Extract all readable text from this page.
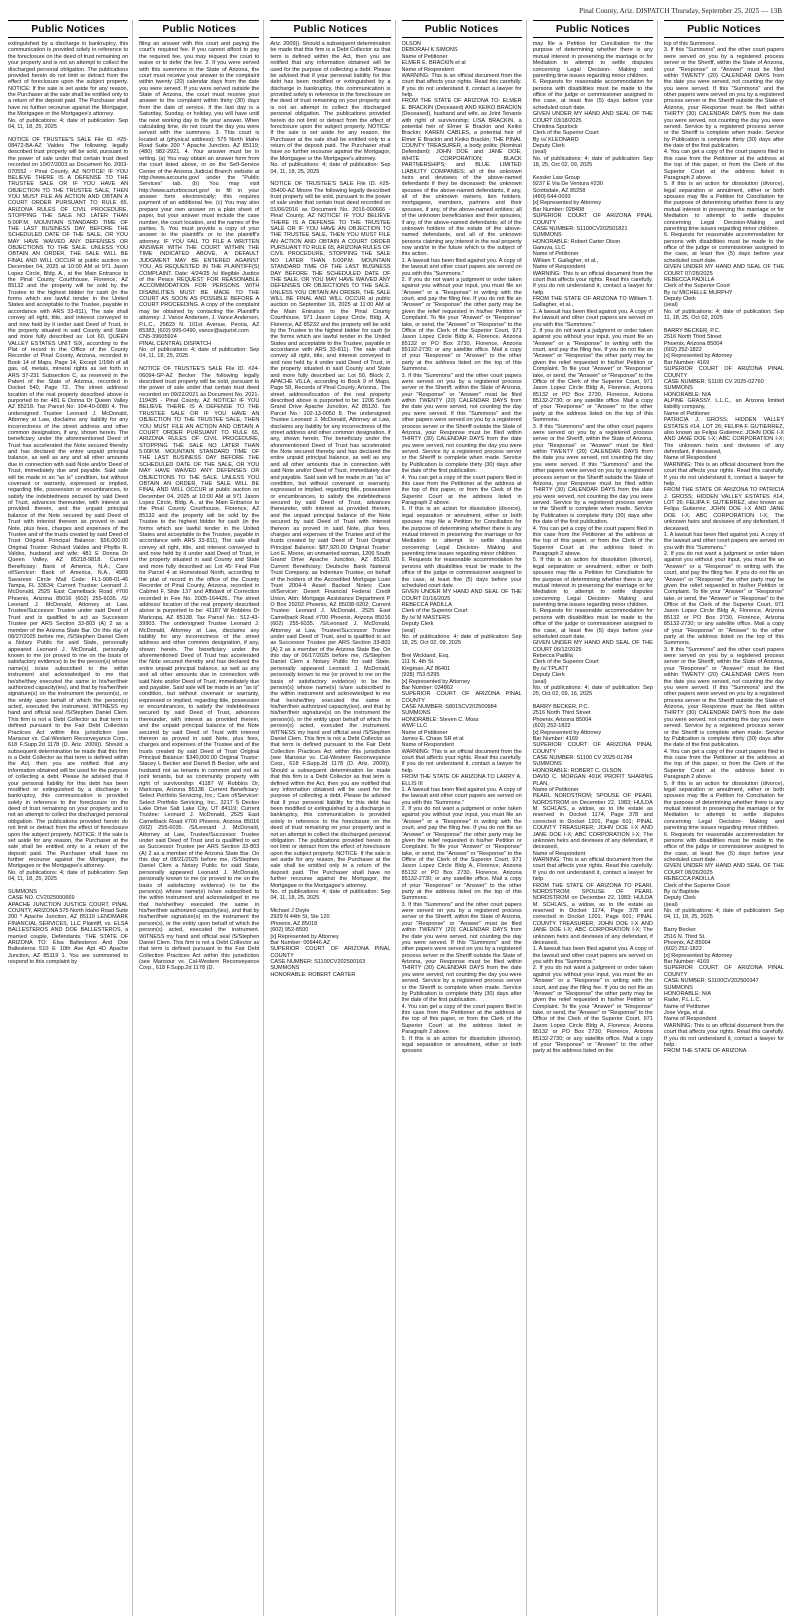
Pinal County, Ariz. DISPATCH Thursday, September 25, 2025 — 13B
Public Notices
extinguished by a discharge in bankruptcy, this communication is provided solely in reference to the foreclosure on the deed of trust remaining on your property and is not an attempt to collect the discharged personal obligation. The publications provided herein do not limit or detract from the effect of foreclosure upon the subject property. NOTICE: If the sale is set aside for any reason, the Purchaser at the sale shall be entitled only to a return of the deposit paid. The Purchaser shall have no further recourse against the Mortgagor, the Mortgagee or the Mortgagee's attorney.
No. of publications: 4; date of publication: Sep 04, 11, 18, 25, 2025

NOTICE OF TRUSTEE'S SALE File ID. #25-08472-BA-AZ Valdes The following legally described trust property will be sold, pursuant to the power of sale under that certain trust deed recorded on 10/07/2003 as Document No. 2003-070552 - Pinal County, AZ NOTICE! IF YOU BELIEVE THERE IS A DEFENSE TO THE TRUSTEE SALE OR IF YOU HAVE AN OBJECTION TO THE TRUSTEE SALE, THEN YOU MUST FILE AN ACTION AND OBTAIN A COURT ORDER PURSUANT TO RULE 65, ARIZONA RULES OF CIVIL PROCEDURE, STOPPING THE SALE NO LATER THAN 5:00P.M. MOUNTAIN STANDARD TIME OF THE LAST BUSINESS DAY BEFORE THE SCHEDULED DATE OF THE SALE, OR YOU MAY HAVE WAIVED ANY DEFENSES OR OBJECTIONS TO THE SALE. UNLESS YOU OBTAIN AN ORDER, THE SALE WILL BE FINAL AND WILL OCCUR at public auction on December 04, 2025 at 10:00 AM at 971 Jason Lopez Circle, Bldg. A., at the Main Entrance to the Pinal County Courthouse, Florence, AZ 85132 and the property will be sold by the Trustee to the highest bidder for cash (in the forms which are lawful tender in the United States and acceptable to the Trustee, payable in accordance with ARS 33-811), The sale shall convey all right, title, and interest conveyed to and now held by it under said Deed of Trust, in the property situated in said County and State and more fully described as: Lot 60, QUEEN VALLEY ESTATES UNIT SIX, according to the Plat of record in the Office of the County Recorder of Pinal County, Arizona, recorded in Book 14 of Maps, Page 14, Except 1/16th of all gas, oil, metals, mineral rights as set forth in ARS 37-231 Subsection C, as reserved in the Patent of the State of Arizona, recorded in Docket 540, Page 72.. The street address/ location of the real property described above is purported to be: 481 E Donna Dr Queen Valley AZ 85218. Tax Parcel No: 104-40-0080 4. The undersigned Trustee Leonard J. McDonald, Attorney at Law, disclaims any liability for any incorrectness of the street address and other common designation, if any, shown herein. The beneficiary under the aforementioned Deed of Trust has accelerated the Note secured thereby and has declared the entire unpaid principal balance, as well as any and all other amounts due in connection with said Note and/or Deed of Trust, immediately due and payable. Said sale will be made in an "as is" condition, but without covenant or warranty, expressed or implied, regarding title, possession or encumbrances, to satisfy the indebtedness secured by said Deed of Trust, advances thereunder, with interest as provided therein, and the unpaid principal balance of the Note secured by said Deed of Trust with interest thereon as proved in said Note, plus fees, charges and expenses of the Trustee and of the trusts created by said Deed of Trust Original Principal Balance: $56,000.00 Original Trustor: Richard Valdes and Phyllis R. Valdes, husband and wife: 481 E Donna Dr Queen Valley, AZ 85218-9818. Current Beneficiary: Bank of America, N.A.; Care of/Servicer: Bank of America, N.A., 4909 Savarese Circle Mail Code: FL1-908-01-46 Tampa, FL 33634; Current Trustee: Leonard J. McDonald, 2525 East Camelback Road #700 Phoenix, Arizona 85016 (602) 255-6035. /S/ Leonard J. McDonald, Attorney at Law, Trustee/Successor Trustee under said Deed of Trust and is qualified to act as Successor Trustee per ARS Section 33-803 (A) 2 as a member of the Arizona State Bar. On this day of 08/27/2025 before me, /S/Stephen Daniel Clem a Notary Public for said State, personally appeared Leonard J. McDonald, personally known to me (or proved to me on the basis of satisfactory evidence) to be the person(s) whose name(s) is/are subscribed to the within instrument and acknowledged to me that he/she/they executed the same in his/her/their authorized capacity(ies), and that by his/her/their signature(s) on the instrument the person(s), or the entity upon behalf of which the person(s) acted, executed the instrument. WITNESS my hand and official seal /S/Stephen Daniel Clem. This firm is not a Debt Collector as that term is defined pursuant to the Fair Debt Collection Practices Act within this jurisdiction (see Mansour vs. Cal-Western Reconveyance Corp., 618 F.Supp.2d 1178 (D. Ariz. 2009)). Should a subsequent determination be made that this firm is a Debt Collector as that term is defined within the Act, then you are notified that any information obtained will be used for the purpose of collecting a debt. Please be advised that if your personal liability for this debt has been modified or extinguished by a discharge in bankruptcy, this communication is provided solely in reference to the foreclosure on the deed of trust remaining on your property and is not an attempt to collect the discharged personal obligation. The publications provided herein do not limit or detract from the effect of foreclosure upon the subject property. NOTICE: If the sale is set aside for any reason, the Purchaser at the sale shall be entitled only to a return of the deposit paid. The Purchaser shall have no further recourse against the Mortgagor, the Mortgagee or the Mortgagee's attorney.
No. of publications: 4; date of publication: Sep 04, 11, 18, 25, 2025

SUMMONS
CASE NO. CV2025000669
APACHE JUNCTION JUSTICE COURT, PINAL COUNTY, ARIZONA 575 North Idaho Road Suite 200 * Apache Junction, AZ 85119 LENDMARK FINANCIAL SERVICES, LLC Plaintiff, vs. ELSA BALLESTEROS AND DOE BALLESTEROS, a married couple, Defendants. THE STATE OF ARIZONA TO: Elsa Ballesteros And Doe Ballesteros 510 E 10th Ave Apt 4D Apache Junction, AZ 85119 1. You are summoned to respond to this complaint by
Public Notices
filing an answer with this court and paying the court's required fee. If you cannot afford to pay the required fee, you may request the court to waive or to defer the fee. 2. If you were served with this summons in the State of Arizona, the court must receive your answer to the complaint within twenty (20) calendar days from the date you were served. If you were served outside the State of Arizona, the court must receive your answer to the complaint within thirty (30) days from the date of service. If the last day is a Saturday, Sunday, or holiday, you will have until the next working day to file your answer. When calculating time, do not count the day you were served with the summons. 3. This court is located at (physical address): 575 North Idaho Road Suite 200 * Apache Junction, AZ 85119; (480) 982-2921. 4. Your answer must be in writing. (a) You may obtain an answer form from the court listed above, or on the Self-Service Center of the Arizona Judicial Branch website at http://www.azcourts.gov/ under the "Public Services" tab. (b) You may visit http://www.azturbocourt.gov/ to fill in your answer form electronically; this requires payment of an additional fee. (c) You may also prepare your own answer on a plain sheet of paper, but your answer must include the case number, the court location, and the names of the parties. 5. You must provide a copy of your answer to the plaintiff's or to the plaintiff's attorney. IF YOU FAIL TO FILE A WRITTEN ANSWER WITH THE COURT WITHIN THE TIME INDICATED ABOVE, A DEFAULT JUDGMENT MAY BE ENTERED AGAINST YOU, AS REQUESTED IN THE PLAINTIFF(S) COMPLAINT. Date: 4/24/25 /s/ illegible Justice of the Peace REQUEST FOR REASONABLE ACCOMMODATION FOR PERSONS WITH DISABILITIES MUST BE MADE TO THE COURT AS SOON AS POSSIBLE BEFORE A COURT PROCEEDING. A copy of the complaint may be obtained by contacting the Plaintiff's attorney: J. Vance Andersen, J. Vance Andersen, P.L.C., 25823 N. 101st Avenue, Peoria, AZ 85383, (602) 995-0490, vance@azjurist.com
CN5-39605924
PINAL CENTRAL DISPATCH
No. of publications: 4; date of publication: Sep 04, 11, 18, 25, 2025

NOTICE OF TRUSTEE'S SALE File ID. #24-06094-SP-AZ Becker The following legally described trust property will be sold, pursuant to the power of sale under that certain trust deed recorded on 09/22/2021 as Document No. 2021-119435 - Pinal County, AZ NOTICE! IF YOU BELIEVE THERE IS A DEFENSE TO THE TRUSTEE SALE OR IF YOU HAVE AN OBJECTION TO THE TRUSTEE SALE, THEN YOU MUST FILE AN ACTION AND OBTAIN A COURT ORDER PURSUANT TO RULE 65, ARIZONA RULES OF CIVIL PROCEDURE, STOPPING THE SALE NO LATER THAN 5:00P.M. MOUNTAIN STANDARD TIME OF THE LAST BUSINESS DAY BEFORE THE SCHEDULED DATE OF THE SALE, OR YOU MAY HAVE WAIVED ANY DEFENSES OR OBJECTIONS TO THE SALE. UNLESS YOU OBTAIN AN ORDER, THE SALE WILL BE FINAL AND WILL OCCUR at public auction on December 04, 2025 at 10:00 AM at 971 Jason Lopez Circle, Bldg. A., at the Main Entrance to the Pinal County Courthouse, Florence, AZ 85132 and the property will be sold by the Trustee to the highest bidder for cash (in the forms which are lawful tender in the United States and acceptable to the Trustee, payable in accordance with ARS 33-811), The sale shall convey all right, title, and interest conveyed to and now held by it under said Deed of Trust, in the property situated in said County and State and more fully described as: Lot 45: Final Plat for Parcel 4 at Homestead North, according to the plat of record in the office of the County Recorder of Pinal County, Arizona, recorded in Cabinet F, Slide 137 and Affidavit of Correction recorded in Fee No. 2005-164426.. The street address/ location of the real property described above is purported to be: 41187 W Robbins Dr Maricopa, AZ 85138. Tax Parcel No.: 512-43-39903. The undersigned Trustee Leonard J. McDonald, Attorney at Law, disclaims any liability for any incorrectness of the street address and other common designation, if any, shown herein. The beneficiary under the aforementioned Deed of Trust has accelerated the Note secured thereby and has declared the entire unpaid principal balance, as well as any and all other amounts due in connection with said Note and/or Deed of Trust, immediately due and payable. Said sale will be made in an "as is" condition, but without covenant or warranty, expressed or implied, regarding title, possession or encumbrances, to satisfy the indebtedness secured by said Deed of Trust, advances thereunder, with interest as provided therein, and the unpaid principal balance of the Note secured by said Deed of Trust with interest thereon as proved in said Note, plus fees, charges and expenses of the Trustee and of the trusts created by said Deed of Trust Original Principal Balance: $340,000.00 Original Trustor: Stacey L Becker and Darrell B Becker, wife and husband not as tenants in common and not as joint tenants, but as community property with right of survivorship: 41187 W Robbins Dr, Maricopa, Arizona 85138. Current Beneficiary: Select Portfolio Servicing, Inc.; Care of/Servicer: Select Portfolio Servicing, Inc., 3217 S Decker Lake Drive Salt Lake City, UT 84119; Current Trustee: Leonard J. McDonald, 2525 East Camelback Road #700 Phoenix, Arizona 85016 (602) 255-6035. /S/Leonard J. McDonald, Attorney at Law, Trustee/Successor Trustee under said Deed of Trust and is qualified to act as Successor Trustee per ARS Section 33-803 (A) 2 as a member of the Arizona State Bar. On this day of 08/21/2025 before me, /S/Stephen Daniel Clem a Notary Public for said State, personally appeared Leonard J. McDonald, personally known to me (or proved to me on the basis of satisfactory evidence) to be the person(s) whose name(s) is/are subscribed to the within instrument and acknowledged to me that he/she/they executed the same in his/her/their authorized capacity(ies), and that by his/her/their signature(s) on the instrument the person(s), or the entity upon behalf of which the person(s) acted, executed the instrument. WITNESS my hand and official seal /S/Stephen Daniel Clem. This firm is not a Debt Collector as that term is defined pursuant to the Fair Debt Collection Practices Act within this jurisdiction (see Mansour vs. Cal-Western Reconveyance Corp., 618 F.Supp.2d 1178 (D.
Public Notices
Ariz. 2009)). Should a subsequent determination be made that this firm is a Debt Collector as that term is defined within the Act, then you are notified that any information obtained will be used for the purpose of collecting a debt. Please be advised that if your personal liability for this debt has been modified or extinguished by a discharge in bankruptcy, this communication is provided solely in reference to the foreclosure on the deed of trust remaining on your property and is not an attempt to collect the discharged personal obligation. The publications provided herein do not limit or detract from the effect of foreclosure upon the subject property. NOTICE: If the sale is set aside for any reason, the Purchaser at the sale shall be entitled only to a return of the deposit paid. The Purchaser shall have no further recourse against the Mortgagor, the Mortgagee or the Mortgagee's attorney.
No. of publications: 4; date of publication: Sep 04, 11, 18, 25, 2025

NOTICE OF TRUSTEE'S SALE File ID. #25-05400-AZ Moore The following legally described trust property will be sold, pursuant to the power of sale under that certain trust deed recorded on 01/06/2016 as Document No. 2016-000666 - Pinal County, AZ NOTICE! IF YOU BELIEVE THERE IS A DEFENSE TO THE TRUSTEE SALE OR IF YOU HAVE AN OBJECTION TO THE TRUSTEE SALE, THEN YOU MUST FILE AN ACTION AND OBTAIN A COURT ORDER PURSUANT TO RULE 65, ARIZONA RULES OF CIVIL PROCEDURE, STOPPING THE SALE NO LATER THAN 5:00P.M. MOUNTAIN STANDARD TIME OF THE LAST BUSINESS DAY BEFORE THE SCHEDULED DATE OF THE SALE, OR YOU MAY HAVE WAIVED ANY DEFENSES OR OBJECTIONS TO THE SALE. UNLESS YOU OBTAIN AN ORDER, THE SALE WILL BE FINAL AND WILL OCCUR at public auction on September 16, 2025 at 11:00 AM at the Main Entrance to the Pinal County Courthouse, 971 Jason Lopez Circle, Bldg. A, Florence, AZ 85232 and the property will be sold by the Trustee to the highest bidder for cash (in the forms which are lawful tender in the United States and acceptable to the Trustee, payable in accordance with ARS 33-811). The sale shall convey all right, title, and interest conveyed to and now held by it under said Deed of Trust, in the property situated in said County and State and more fully described as: Lot 50, Block 2, APACHE VILLA, according to Book 9 of Maps, Page 58, Records of Pinal County, Arizona.. The street address/location of the real property described above is purported to be: 1206 South Grand Drive Apache Junction, AZ 85120. Tax Parcel No.: 102-13-0050 8. The undersigned Trustee Leonard J. McDonald, Attorney at Law, disclaims any liability for any incorrectness of the street address and other common designation, if any, shown herein. The beneficiary under the aforementioned Deed of Trust has accelerated the Note secured thereby and has declared the entire unpaid principal balance, as well as any and all other amounts due in connection with said Note and/or Deed of Trust, immediately due and payable. Said sale will be made in an "as is" condition, but without covenant or warranty, expressed or implied, regarding title, possession or encumbrances, to satisfy the indebtedness secured by said Deed of Trust, advances thereunder, with interest as provided therein, and the unpaid principal balance of the Note secured by said Deed of Trust with interest thereon as proved in said Note, plus fees, charges and expenses of the Trustee and of the trusts created by said Deed of Trust Original Principal Balance: $87,920.00 Original Trustor: Lori E. Moore, an unmarried woman, 1206 South Grand Drive Apache Junction, AZ 85120. Current Beneficiary: Deutsche Bank National Trust Company, as Indenture Trustee, on behalf of the holders of the Accredited Mortgage Loan Trust 2004-4 Asset Backed Notes; Care of/Servicer: Desert Financial Federal Credit Union, Attn: Mortgage Assistance Department P O Box 29202 Phoenix, AZ 85038-9202; Current Trustee: Leonard J. McDonald, 2525 East Camelback Road #700 Phoenix, Arizona 85016 (602) 255-6035. /S/Leonard J. McDonald, Attorney at Law, Trustee/Successor Trustee under said Deed of Trust, and is qualified to act as Successor Trustee per ARS Section 33-803 (A) 2 as a member of the Arizona State Bar. On this day of 06/17/2025 before me, /S/Stephen Daniel Clem a Notary Public for said State, personally appeared Leonard J. McDonald, personally known to me (or proved to me on the basis of satisfactory evidence) to be the person(s) whose name(s) is/are subscribed to the within instrument and acknowledged to me that he/she/they executed the same in his/her/their authorized capacity(ies), and that by his/her/their signature(s) on the instrument the person(s), or the entity upon behalf of which the person(s) acted, executed the instrument. WITNESS my hand and official seal /S/Stephen Daniel Clem. This firm is not a Debt Collector as that term is defined pursuant to the Fair Debt Collection Practices Act within this jurisdiction (see Mansour vs. Cal-Western Reconveyance Corp., 618 F.Supp.2d 1178 (D. Ariz. 2009)). Should a subsequent determination be made that this firm is a Debt Collector as that term is defined within the Act, then you are notified that any information obtained will be used for the purpose of collecting a debt. Please be advised that if your personal liability for this debt has been modified or extinguished by a discharge in bankruptcy, this communication is provided solely in reference to the foreclosure on the deed of trust remaining on your property and is not an attempt to collect the discharged personal obligation. The publications provided herein do not limit or detract from the effect of foreclosure upon the subject property. NOTICE: If the sale is set aside for any reason, the Purchaser at the sale shall be entitled only to a return of the deposit paid. The Purchaser shall have no further recourse against the Mortgagor, the Mortgagee or the Mortgagee's attorney.
No. of publications: 4; date of publication: Sep 04, 11, 18, 25, 2025

Michael J Doyle
2929 N 44th St, Ste 120
Phoenix, AZ 85018
(602) 952-8500
[x] Represented by Attorney
Bar Number: 009446 AZ
SUPERIOR COURT OF ARIZONA PINAL COUNTY
CASE NUMBER: S1100CV202500163
SUMMONS
HONORABLE: ROBERT CARTER
Public Notices
OLSON
DEBORAH K SIMONS
Name of Petitioner
ELMER E. BRACKIN et al
Name of Respondent
WARNING: This is an official document from the court that affects your rights. Read this carefully. If you do not understand it, contact a lawyer for help.
FROM THE STATE OF ARIZONA TO: ELMER E. BRACKIN (Deceased) AND KEIKO BRACKIN (Deceased), husband and wife, as Joint Tenants with right of survivorship; LISA BRACKIN, a potential heir of Elmer E Brackin and Keiko Brackin; KAREN CABLES, a potential heir of Elmer E Brackin and Keiko Brackin; THE PINAL COUNTY TREASURER, a body politic (Nominal Defendant); JOHN DOE and JANE DOE; WHITE CORPORATION; BLACK PARTNERSHIPS; and BLUE LIMITED LIABILITY COMPANIES; all of the unknown heirs and devisees of the above-named defendants if they be deceased; the unknown spouses of the above-named defendants, if any, all of the unknown owners, lien holders, mortgagees, members, partners and their spouses, if any, of the above-named entities; all of the unknown beneficiaries and their spouses, if any, of the above-named defendants; all of the unknown holders of the estate of the above-named defendants, and all of the unknown persons claiming any interest in the real property now and/or in the future which is the subject of this action.
1. A lawsuit has been filed against you. A copy of the lawsuit and other court papers are served on you with this "Summons."
2. If you do not want a judgment or order taken against you without your input, you must file an "Answer" or a "Response" in writing with the court, and pay the filing fee. If you do not file an "Answer" or "Response" the other party may be given the relief requested in his/her Petition or Complaint. To file your "Answer" or "Response" take, or send, the "Answer" or "Response" to the Office of the Clerk of the Superior Court, 971 Jason Lopez Circle Bldg A, Florence, Arizona 85132 or PO Box 2730, Florence, Arizona 85132-2730; or any satellite office. Mail a copy of your "Response" or "Answer" to the other party at the address listed on the top of this Summons.
3. If this "Summons" and the other court papers were served on you by a registered process server or the Sheriff, within the State of Arizona, your "Response" or "Answer" must be filed within TWENTY (20) CALENDAR DAYS from the date you were served, not counting the day you were served. If this "Summons" and the other papers were served on you by a registered process server or the Sheriff outside the State of Arizona, your Response must be filed within THIRTY (30) CALENDAR DAYS from the date you were served, not counting the day you were served. Service by a registered process server or the Sheriff is complete when made. Service by Publication is complete thirty (30) days after the date of the first publication.
4. You can get a copy of the court papers filed in this case from the Petitioner at the address at the top of this paper, or from the Clerk of the Superior Court at the address listed in Paragraph 2 above.
5. If this is an action for dissolution (divorce), legal separation or annulment, either or both spouses may file a Petition for Conciliation for the purpose of determining whether there is any mutual interest in preserving the marriage or for Mediation to attempt to settle disputes concerning Legal Decision- Making and parenting time issues regarding minor children.
6. Requests for reasonable accommodation for persons with disabilities must be made to the office of the judge or commissioner assigned to the case, at least five (5) days before your scheduled court date.
GIVEN UNDER MY HAND AND SEAL OF THE COURT 01/16/2025
REBECCA PADILLA
Clerk of the Superior Court
By /s/ M MASTERS
Deputy Clerk
(seal)
No. of publications: 4; date of publication: Sep 18, 25, Oct 02, 09, 2025

Brei Wickland, Esq.
111 N. 4th St.
Kingman, AZ 86401
(928) 753-5295
[x] Represented by Attorney
Bar Number: 034862
SUPERIOR COURT OF ARIZONA PINAL COUNTY
CASE NUMBER: S8015CV202500984
SUMMONS
HONORABLE: Steven C. Moss
WWF LLC
Name of Petitioner
James E. Chase SR et al
Name of Respondent
WARNING: This is an official document from the court that affects your rights. Read this carefully. If you do not understand it, contact a lawyer for help.
FROM THE STATE OF ARIZONA TO LARRY A. ELLIS III
1. A lawsuit has been filed against you. A copy of the lawsuit and other court papers are served on you with this "Summons."
2. If you do not want a judgment or order taken against you without your input, you must file an "Answer" or a "Response" in writing with the court, and pay the filing fee. If you do not file an "Answer" or "Response" the other party may be given the relief requested in his/her Petition or Complaint. To file your "Answer" or "Response" take, or send, the "Answer" or "Response" to the Office of the Clerk of the Superior Court, 971 Jason Lopez Circle Bldg A, Florence, Arizona 85132 or PO Box 2730, Florence, Arizona 85132-2730; or any satellite office. Mail a copy of your "Response" or "Answer" to the other party at the address listed on the top of this Summons.
3. If this "Summons" and the other court papers were served on you by a registered process server or the Sheriff, within the State of Arizona, your "Response" or "Answer" must be filed within TWENTY (20) CALENDAR DAYS from the date you were served, not counting the day you were served. If this "Summons" and the other papers were served on you by a registered process server or the Sheriff outside the State of Arizona, your Response must be filed within THIRTY (30) CALENDAR DAYS from the date you were served, not counting the day you were served. Service by a registered process server or the Sheriff is complete when made. Service by Publication is complete thirty (30) days after the date of the first publication.
4. You can get a copy of the court papers filed in this case from the Petitioner at the address at the top of this paper, or from the Clerk of the Superior Court at the address listed in Paragraph 2 above.
5. If this is an action for dissolution (divorce), legal separation or annulment, either or both spouses
Public Notices
may file a Petition for Conciliation for the purpose of determining whether there is any mutual interest in preserving the marriage or for Mediation to attempt to settle disputes concerning Legal Decision- Making and parenting time issues regarding minor children.
6. Requests for reasonable accommodation for persons with disabilities must be made to the office of the judge or commissioner assigned to the case, at least five (5) days before your scheduled court date.
GIVEN UNDER MY HAND AND SEAL OF THE COURT 03/18/2025
Christina Spurlock
Clerk of the Superior Court
By /s/ KLEONARD
Deputy Clerk
(seal)
No. of publications: 4; date of publication: Sep 18, 25, Oct 02, 09, 2025

Kessler Law Group
9237 E Via De Ventura #230
Scottsdale, AZ 85258
(480) 644-0093
[x] Represented by Attorney
Bar Number: 028408
SUPERIOR COURT OF ARIZONA PINAL COUNTY
CASE NUMBER: S1100CV202501821
SUMMONS
HONORABLE: Robert Carter Olson
Ganuva, LLC
Name of Petitioner
William T. Gallagher, et al.,
Name of Respondent
WARNING: This is an official document from the court that affects your rights. Read this carefully. If you do not understand it, contact a lawyer for help.
FROM THE STATE OF ARIZONA TO William T. Gallagher, et al.,
1. A lawsuit has been filed against you. A copy of the lawsuit and other court papers are served on you with this "Summons."
2. If you do not want a judgment or order taken against you without your input, you must file an "Answer" or a "Response" in writing with the court, and pay the filing fee. If you do not file an "Answer" or "Response" the other party may be given the relief requested in his/her Petition or Complaint. To file your "Answer" or "Response" take, or send, the "Answer" or "Response" to the Office of the Clerk of the Superior Court, 971 Jason Lopez Circle Bldg A, Florence, Arizona 85132 or PO Box 2730, Florence, Arizona 85132-2730; or any satellite office. Mail a copy of your "Response" or "Answer" to the other party at the address listed on the top of this Summons.
3. If this "Summons" and the other court papers were served on you by a registered process server or the Sheriff, within the State of Arizona, your "Response" or "Answer" must be filed within TWENTY (20) CALENDAR DAYS from the date you were served, not counting the day you were served. If this "Summons" and the other papers were served on you by a registered process server or the Sheriff outside the State of Arizona, your Response must be filed within THIRTY (30) CALENDAR DAYS from the date you were served, not counting the day you were served. Service by a registered process server or the Sheriff is complete when made. Service by Publication is complete thirty (30) days after the date of the first publication.
4. You can get a copy of the court papers filed in this case from the Petitioner at the address at the top of this paper, or from the Clerk of the Superior Court at the address listed in Paragraph 2 above.
5. If this is an action for dissolution (divorce), legal separation or annulment, either or both spouses may file a Petition for Conciliation for the purpose of determining whether there is any mutual interest in preserving the marriage or for Mediation to attempt to settle disputes concerning Legal Decision- Making and parenting time issues regarding minor children.
6. Requests for reasonable accommodation for persons with disabilities must be made to the office of the judge or commissioner assigned to the case, at least five (5) days before your scheduled court date.
GIVEN UNDER MY HAND AND SEAL OF THE COURT 06/12/2025
Rebecca Padilla
Clerk of the Superior Court
By /s/ TPLATT
Deputy Clerk
(seal)
No. of publications: 4; date of publication: Sep 25, Oct 02, 09, 16, 2025

BARRY BECKER, P.C.
2516 North Third Street
Phoenix, Arizona 85004
(602) 252-1822
[x] Represented by Attorney
Bar Number: 4169
SUPERIOR COURT OF ARIZONA PINAL COUNTY
CASE NUMBER: S1100 CV 2025-01784
SUMMONS
HONORABLE: ROBERT C. OLSON
DAVID C. MORGAN 401K PROFIT SHARING PLAN,
Name of Petitioner
PEARL NORDSTROM; SPOUSE OF PEARL NORDSTROM on December 22, 1983; HULDA M. SCHLAIS, a widow, as to life estate as reserved in Docket 1174, Page 378 and corrected in Docket 1201, Page 601; PINAL COUNTY TREASURER; JOHN DOE I-X AND JANE DOE I-X; ABC CORPORATION I-X; The unknown heirs and devisees of any defendant, if deceased,
Name of Respondent
WARNING: This is an official document from the court that affects your rights. Read this carefully. If you do not understand it, contact a lawyer for help.
FROM THE STATE OF ARIZONA TO PEARL NORDSTROM; SPOUSE OF PEARL NORDSTROM on December 22, 1983; HULDA M. SCHLAIS, a widow, as to life estate as reserved in Docket 1174, Page 378 and corrected in Docket 1201, Page 601; PINAL COUNTY TREASURER; JOHN DOE I-X AND JANE DOE I-X; ABC CORPORATION I-X; The unknown heirs and devisees of any defendant, if deceased,
1. A lawsuit has been filed against you. A copy of the lawsuit and other court papers are served on you with this "Summons."
2. If you do not want a judgment or order taken against you without your input, you must file an "Answer" or a "Response" in writing with the court, and pay the filing fee. If you do not file an "Answer" or "Response" the other party may be given the relief requested in his/her Petition or Complaint. To file your "Answer" or "Response" take, or send, the "Answer" or "Response" to the Office of the Clerk of the Superior Court, 971 Jason Lopez Circle Bldg A, Florence, Arizona 85132 or PO Box 2730, Florence, Arizona 85132-2730; or any satellite office. Mail a copy of your "Response" or "Answer" to the other party at the address listed on the
Public Notices
top of this Summons.
3. If this "Summons" and the other court papers were served on you by a registered process server or the Sheriff, within the State of Arizona, your "Response" or "Answer" must be filed within TWENTY (20) CALENDAR DAYS from the date you were served, not counting the day you were served. If this "Summons" and the other papers were served on you by a registered process server or the Sheriff outside the State of Arizona, your Response must be filed within THIRTY (30) CALENDAR DAYS from the date you were served, not counting the day you were served. Service by a registered process server or the Sheriff is complete when made. Service by Publication is complete thirty (30) days after the date of the first publication.
4. You can get a copy of the court papers filed in this case from the Petitioner at the address at the top of this paper, or from the Clerk of the Superior Court at the address listed in Paragraph 2 above.
5. If this is an action for dissolution (divorce), legal separation or annulment, either or both spouses may file a Petition for Conciliation for the purpose of determining whether there is any mutual interest in preserving the marriage or for Mediation to attempt to settle disputes concerning Legal Decision-Making and parenting time issues regarding minor children.
6. Requests for reasonable accommodation for persons with disabilities must be made to the office of the judge or commissioner assigned to the case, at least five (5) days before your scheduled court date.
GIVEN UNDER MY HAND AND SEAL OF THE COURT 07/28/2025
REBECCA PADILLA
Clerk of the Superior Court
By /s/ MICHELLE MURPHY
Deputy Clerk
(seal)
No. of publications: 4; date of publication: Sep 11, 18, 25, Oct 02, 2025

BARRY BECKER, P.C.
2516 North Third Street
Phoenix, Arizona 85004
(602) 252-1822
[x] Represented by Attorney
Bar Number: 4169
SUPERIOR COURT OF ARIZONA PINAL COUNTY
CASE NUMBER: S1100 CV 2025-02760
SUMMONS
HONORABLE: N/A
ALPINE GRASSY, L.L.C., an Arizona limited liability company,
Name of Petitioner
PATRICIA J. GROSS; HIDDEN VALLEY ESTATES #14, LOT 26; FELIPA F. GUTIERREZ, also known as Felipa Gutierrez; JOHN DOE I-X AND JANE DOE I-X; ABC CORPORATION I-X; The unknown heirs and devisees of any defendant, if deceased,
Name of Respondent
WARNING: This is an official document from the court that affects your rights. Read this carefully. If you do not understand it, contact a lawyer for help.
FROM THE STATE OF ARIZONA TO PATRICIA J. GROSS; HIDDEN VALLEY ESTATES #14, LOT 26; FELIPA F. GUTIERREZ, also known as Felipa Gutierrez; JOHN DOE I-X AND JANE DOE I-X; ABC CORPORATION I-X; The unknown heirs and devisees of any defendant, if deceased,
1. A lawsuit has been filed against you. A copy of the lawsuit and other court papers are served on you with this "Summons."
2. If you do not want a judgment or order taken against you without your input, you must file an "Answer" or a "Response" in writing with the court, and pay the filing fee. If you do not file an "Answer" or "Response" the other party may be given the relief requested in his/her Petition or Complaint. To file your "Answer" or "Response" take, or send, the "Answer" or "Response" to the Office of the Clerk of the Superior Court, 971 Jason Lopez Circle Bldg A, Florence, Arizona 85132 or PO Box 2730, Florence, Arizona 85132-2730; or any satellite office. Mail a copy of your "Response" or "Answer" to the other party at the address listed on the top of this Summons.
3. If this "Summons" and the other court papers were served on you by a registered process server or the Sheriff, within the State of Arizona, your "Response" or "Answer" must be filed within TWENTY (20) CALENDAR DAYS from the date you were served, not counting the day you were served. If this "Summons" and the other papers were served on you by a registered process server or the Sheriff outside the State of Arizona, your Response must be filed within THIRTY (30) CALENDAR DAYS from the date you were served, not counting the day you were served. Service by a registered process server or the Sheriff is complete when made. Service by Publication is complete thirty (30) days after the date of the first publication.
4. You can get a copy of the court papers filed in this case from the Petitioner at the address at the top of this paper, or from the Clerk of the Superior Court at the address listed in Paragraph 2 above.
5. If this is an action for dissolution (divorce), legal separation or annulment, either or both spouses may file a Petition for Conciliation for the purpose of determining whether there is any mutual interest in preserving the marriage or for Mediation to attempt to settle disputes concerning Legal Decision- Making and parenting time issues regarding minor children.
6. Requests for reasonable accommodation for persons with disabilities must be made to the office of the judge or commissioner assigned to the case, at least five (5) days before your scheduled court date.
GIVEN UNDER MY HAND AND SEAL OF THE COURT 08/26/2025
REBECCA PADILLA
Clerk of the Superior Court
By /s/ Baptiste
Deputy Clerk
(seal)
No. of publications: 4; date of publication: Sep 04, 11, 18, 25, 2025

Barry Becker
2516 N. Third St.
Phoenix, AZ 85004
(602) 252-1822
[x] Represented by Attorney
Bar Number: 4169
SUPERIOR COURT OF ARIZONA PINAL COUNTY
CASE NUMBER: S1100CV202500347
SUMMONS
HONORABLE: N/A
Rader, P.L.L.C.
Name of Petitioner
Jose Vega, et al.
Name of Respondent
WARNING: This is an official document from the court that affects your rights. Read this carefully. If you do not understand it, contact a lawyer for help.
FROM THE STATE OF ARIZONA
